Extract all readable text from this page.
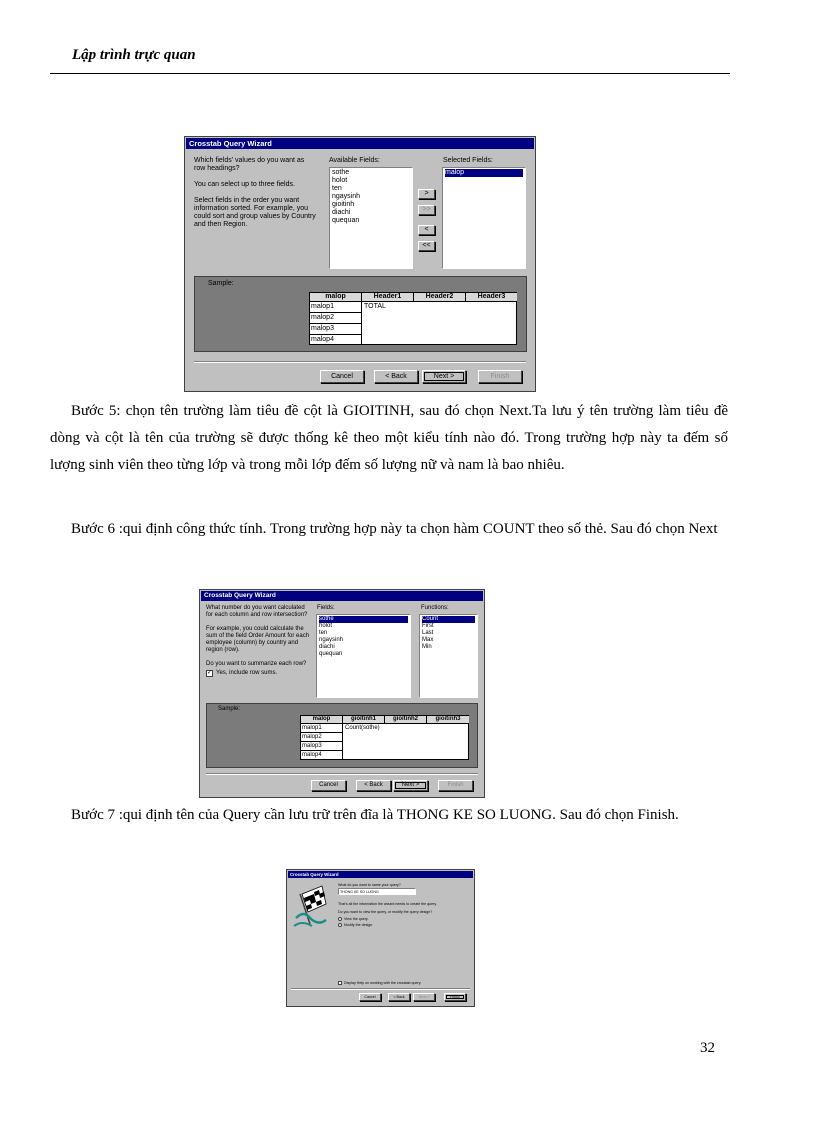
Lập trình trực quan
Crosstab Query Wizard
Which fields' values do you want as
row headings?
You can select up to three fields.
Select fields in the order you want
information sorted. For example, you
could sort and group values by Country
and then Region.
Available Fields:
sothe
holot
ten
ngaysinh
gioitinh
diachi
quequan
>
>>
<
<<
Selected Fields:
malop
Sample:
malop	Header1	Header2	Header3
malop1
malop2
malop3
malop4
TOTAL
Cancel	< Back	Next >	Finish
Bước 5: chọn tên trường làm tiêu đề cột là GIOITINH, sau đó chọn Next.Ta lưu ý tên trường làm tiêu đề dòng và cột là tên của trường sẽ được thống kê theo một kiểu tính nào đó. Trong trường hợp này ta đếm số lượng sinh viên theo từng lớp và trong mỗi lớp đếm số lượng nữ và nam là bao nhiêu.
Bước 6 :qui định công thức tính. Trong trường hợp này ta chọn hàm COUNT theo số thẻ. Sau đó chọn Next
Crosstab Query Wizard
What number do you want calculated
for each column and row intersection?
For example, you could calculate the
sum of the field Order Amount for each
employee (column) by country and
region (row).
Do you want to summarize each row?
✓ Yes, include row sums.
Fields:
sothe
holot
ten
ngaysinh
diachi
quequan
Functions:
Count
First
Last
Max
Min
Sample:
malop	gioitinh1	gioitinh2	gioitinh3
malop1
malop2
malop3
malop4
Count(sothe)
Cancel	< Back	Next >	Finish
Bước 7 :qui định tên của Query cần lưu trữ trên đĩa là THONG KE SO LUONG. Sau đó chọn Finish.
Crosstab Query Wizard
What do you want to name your query?
THONG KE SO LUONG
That's all the information the wizard needs to create the query.
Do you want to view the query, or modify the query design?
View the query.
Modify the design.
Display Help on working with the crosstab query.
Cancel	< Back	Next >	Finish
32
